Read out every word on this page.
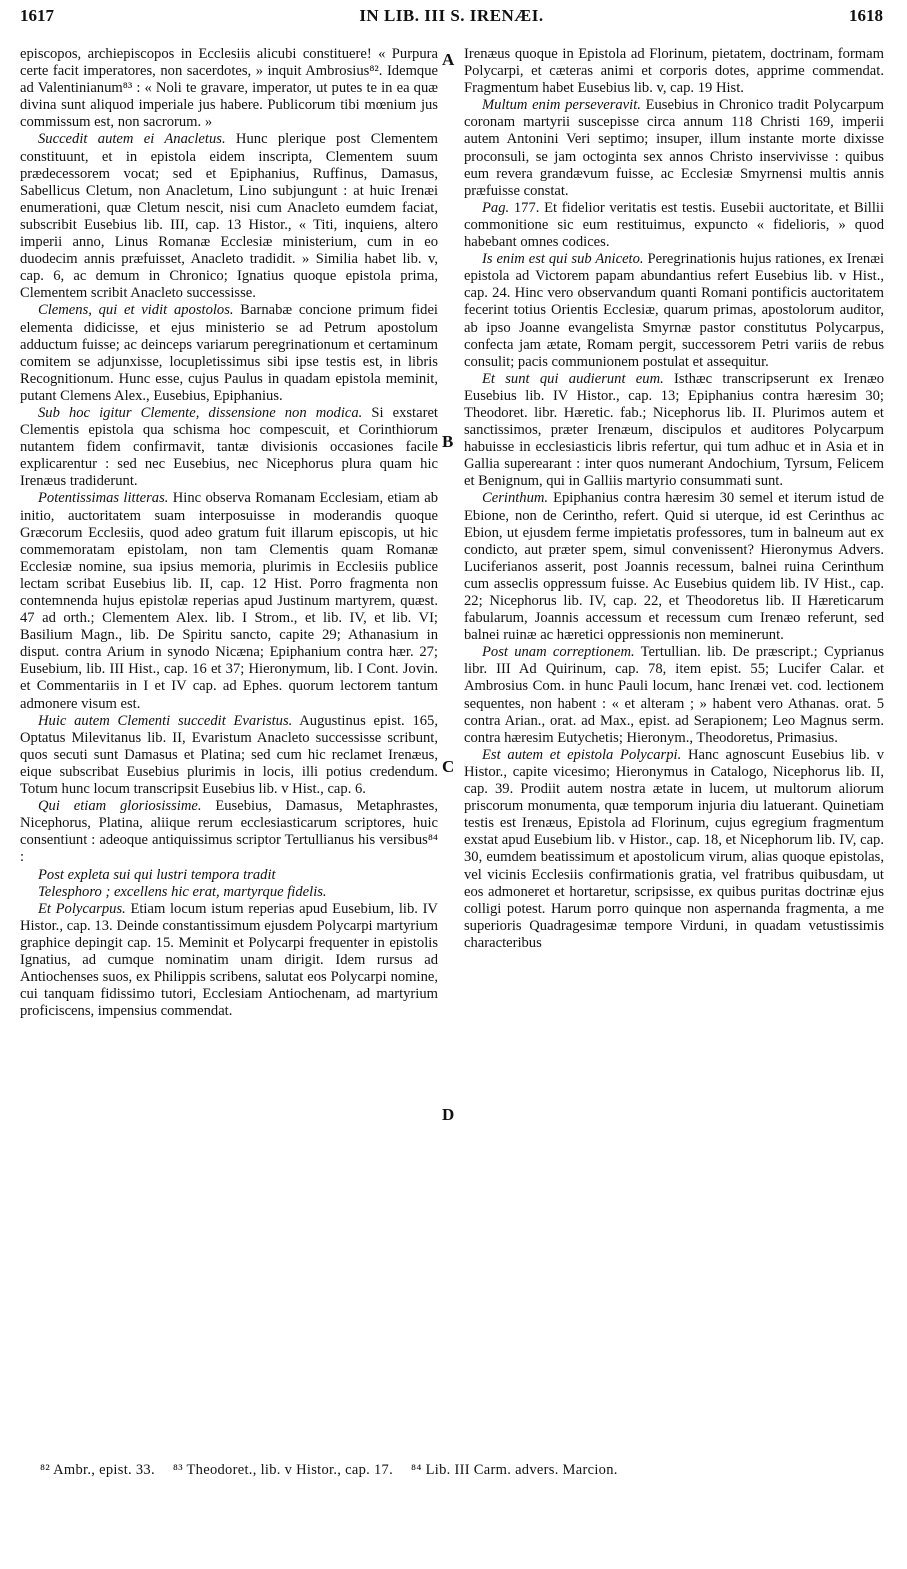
1617	IN LIB. III S. IRENÆI.	1618
A
B
C
D

episcopos, archiepiscopos in Ecclesiis alicubi constituere! « Purpura certe facit imperatores, non sacerdotes, » inquit Ambrosius⁸². Idemque ad Valentinianum⁸³ : « Noli te gravare, imperator, ut putes te in ea quæ divina sunt aliquod imperiale jus habere. Publicorum tibi mœnium jus commissum est, non sacrorum. »

Succedit autem ei Anacletus. Hunc plerique post Clementem constituunt, et in epistola eidem inscripta, Clementem suum prædecessorem vocat; sed et Epiphanius, Ruffinus, Damasus, Sabellicus Cletum, non Anacletum, Lino subjungunt : at huic Irenæi enumerationi, quæ Cletum nescit, nisi cum Anacleto eumdem faciat, subscribit Eusebius lib. III, cap. 13 Histor., « Titi, inquiens, altero imperii anno, Linus Romanæ Ecclesiæ ministerium, cum in eo duodecim annis præfuisset, Anacleto tradidit. » Similia habet lib. v, cap. 6, ac demum in Chronico; Ignatius quoque epistola prima, Clementem scribit Anacleto successisse.

Clemens, qui et vidit apostolos. Barnabæ concione primum fidei elementa didicisse, et ejus ministerio se ad Petrum apostolum adductum fuisse; ac deinceps variarum peregrinationum et certaminum comitem se adjunxisse, locupletissimus sibi ipse testis est, in libris Recognitionum. Hunc esse, cujus Paulus in quadam epistola meminit, putant Clemens Alex., Eusebius, Epiphanius.

Sub hoc igitur Clemente, dissensione non modica. Si exstaret Clementis epistola qua schisma hoc compescuit, et Corinthiorum nutantem fidem confirmavit, tantæ divisionis occasiones facile explicarentur : sed nec Eusebius, nec Nicephorus plura quam hic Irenæus tradiderunt.

Potentissimas litteras. Hinc observa Romanam Ecclesiam, etiam ab initio, auctoritatem suam interposuisse in moderandis quoque Græcorum Ecclesiis, quod adeo gratum fuit illarum episcopis, ut hic commemoratam epistolam, non tam Clementis quam Romanæ Ecclesiæ nomine, sua ipsius memoria, plurimis in Ecclesiis publice lectam scribat Eusebius lib. II, cap. 12 Hist. Porro fragmenta non contemnenda hujus epistolæ reperias apud Justinum martyrem, quæst. 47 ad orth.; Clementem Alex. lib. I Strom., et lib. IV, et lib. VI; Basilium Magn., lib. De Spiritu sancto, capite 29; Athanasium in disput. contra Arium in synodo Nicæna; Epiphanium contra hær. 27; Eusebium, lib. III Hist., cap. 16 et 37; Hieronymum, lib. I Cont. Jovin. et Commentariis in I et IV cap. ad Ephes. quorum lectorem tantum admonere visum est.

Huic autem Clementi succedit Evaristus. Augustinus epist. 165, Optatus Milevitanus lib. II, Evaristum Anacleto successisse scribunt, quos secuti sunt Damasus et Platina; sed cum hic reclamet Irenæus, eique subscribat Eusebius plurimis in locis, illi potius credendum. Totum hunc locum transcripsit Eusebius lib. v Hist., cap. 6.

Qui etiam gloriosissime. Eusebius, Damasus, Metaphrastes, Nicephorus, Platina, aliique rerum ecclesiasticarum scriptores, huic consentiunt : adeoque antiquissimus scriptor Tertullianus his versibus⁸⁴ :

Post expleta sui qui lustri tempora tradit

Telesphoro ; excellens hic erat, martyrque fidelis.

Et Polycarpus. Etiam locum istum reperias apud Eusebium, lib. IV Histor., cap. 13. Deinde constantissimum ejusdem Polycarpi martyrium graphice depingit cap. 15. Meminit et Polycarpi frequenter in epistolis Ignatius, ad cumque nominatim unam dirigit. Idem rursus ad Antiochenses suos, ex Philippis scribens, salutat eos Polycarpi nomine, cui tanquam fidissimo tutori, Ecclesiam Antiochenam, ad martyrium proficiscens, impensius commendat.

Irenæus quoque in Epistola ad Florinum, pietatem, doctrinam, formam Polycarpi, et cæteras animi et corporis dotes, apprime commendat. Fragmentum habet Eusebius lib. v, cap. 19 Hist.

Multum enim perseveravit. Eusebius in Chronico tradit Polycarpum coronam martyrii suscepisse circa annum 118 Christi 169, imperii autem Antonini Veri septimo; insuper, illum instante morte dixisse proconsuli, se jam octoginta sex annos Christo inservivisse : quibus eum revera grandævum fuisse, ac Ecclesiæ Smyrnensi multis annis præfuisse constat.

Pag. 177. Et fidelior veritatis est testis. Eusebii auctoritate, et Billii commonitione sic eum restituimus, expuncto « fidelioris, » quod habebant omnes codices.

Is enim est qui sub Aniceto. Peregrinationis hujus rationes, ex Irenæi epistola ad Victorem papam abundantius refert Eusebius lib. v Hist., cap. 24. Hinc vero observandum quanti Romani pontificis auctoritatem fecerint totius Orientis Ecclesiæ, quarum primas, apostolorum auditor, ab ipso Joanne evangelista Smyrnæ pastor constitutus Polycarpus, confecta jam ætate, Romam pergit, successorem Petri variis de rebus consulit; pacis communionem postulat et assequitur.

Et sunt qui audierunt eum. Isthæc transcripserunt ex Irenæo Eusebius lib. IV Histor., cap. 13; Epiphanius contra hæresim 30; Theodoret. libr. Hæretic. fab.; Nicephorus lib. II. Plurimos autem et sanctissimos, præter Irenæum, discipulos et auditores Polycarpum habuisse in ecclesiasticis libris refertur, qui tum adhuc et in Asia et in Gallia superearant : inter quos numerant Andochium, Tyrsum, Felicem et Benignum, qui in Galliis martyrio consummati sunt.

Cerinthum. Epiphanius contra hæresim 30 semel et iterum istud de Ebione, non de Cerintho, refert. Quid si uterque, id est Cerinthus ac Ebion, ut ejusdem ferme impietatis professores, tum in balneum aut ex condicto, aut præter spem, simul convenissent? Hieronymus Advers. Luciferianos asserit, post Joannis recessum, balnei ruina Cerinthum cum asseclis oppressum fuisse. Ac Eusebius quidem lib. IV Hist., cap. 22; Nicephorus lib. IV, cap. 22, et Theodoretus lib. II Hæreticarum fabularum, Joannis accessum et recessum cum Irenæo referunt, sed balnei ruinæ ac hæretici oppressionis non meminerunt.

Post unam correptionem. Tertullian. lib. De præscript.; Cyprianus libr. III Ad Quirinum, cap. 78, item epist. 55; Lucifer Calar. et Ambrosius Com. in hunc Pauli locum, hanc Irenæi vet. cod. lectionem sequentes, non habent : « et alteram ; » habent vero Athanas. orat. 5 contra Arian., orat. ad Max., epist. ad Serapionem; Leo Magnus serm. contra hæresim Eutychetis; Hieronym., Theodoretus, Primasius.

Est autem et epistola Polycarpi. Hanc agnoscunt Eusebius lib. v Histor., capite vicesimo; Hieronymus in Catalogo, Nicephorus lib. II, cap. 39. Prodiit autem nostra ætate in lucem, ut multorum aliorum priscorum monumenta, quæ temporum injuria diu latuerant. Quinetiam testis est Irenæus, Epistola ad Florinum, cujus egregium fragmentum exstat apud Eusebium lib. v Histor., cap. 18, et Nicephorum lib. IV, cap. 30, eumdem beatissimum et apostolicum virum, alias quoque epistolas, vel vicinis Ecclesiis confirmationis gratia, vel fratribus quibusdam, ut eos admoneret et hortaretur, scripsisse, ex quibus puritas doctrinæ ejus colligi potest. Harum porro quinque non aspernanda fragmenta, a me superioris Quadragesimæ tempore Virduni, in quadam vetustissimis characteribus

⁸² Ambr., epist. 33. ⁸³ Theodoret., lib. v Histor., cap. 17. ⁸⁴ Lib. III Carm. advers. Marcion.
